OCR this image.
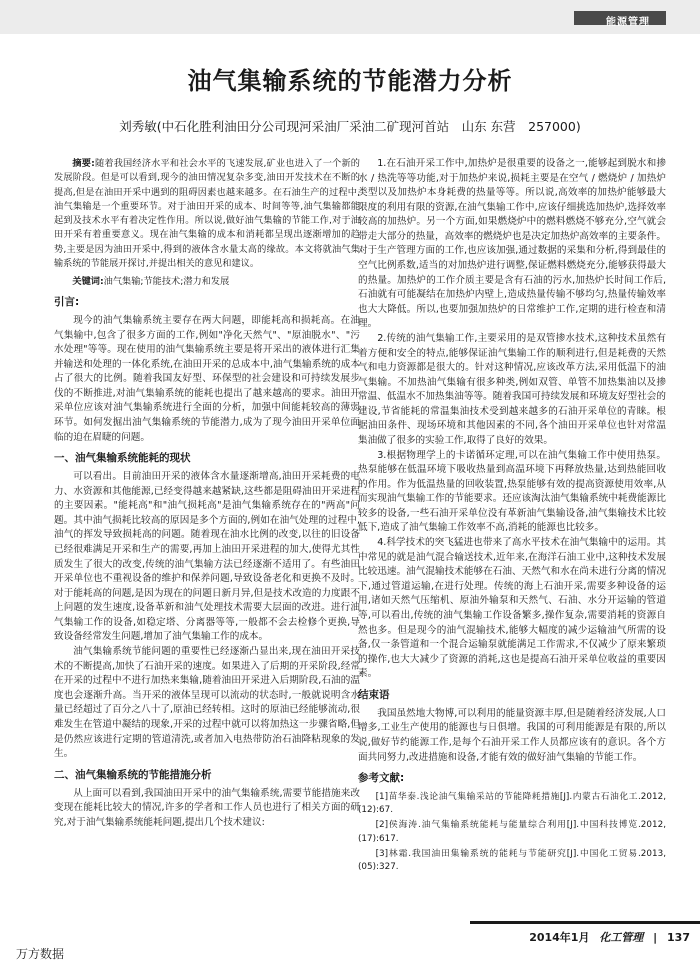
能源管理
油气集输系统的节能潜力分析
刘秀敏(中石化胜利油田分公司现河采油厂采油二矿现河首站　山东 东营　257000)

摘要:随着我国经济水平和社会水平的飞速发展,矿业也进入了一个新的发展阶段。但是可以看到,现今的油田情况复杂多变,油田开发技术在不断的提高,但是在油田开采中遇到的阻碍因素也越来越多。在石油生产的过程中,油气集输是一个重要环节。对于油田开采的成本、时间等等,油气集输都能起到及技术水平有着决定性作用。所以说,做好油气集输的节能工作,对于油田开采有着重要意义。现在油气集输的成本和消耗都呈现出逐渐增加的趋势,主要是因为油田开采中,得到的液体含水量太高的缘故。本文将就油气集输系统的节能展开探讨,并提出相关的意见和建议。

关键词:油气集输;节能技术;潜力和发展

引言:

现今的油气集输系统主要存在两大问题，即能耗高和损耗高。在油气集输中,包含了很多方面的工作,例如"净化天然气"、"原油脱水"、"污水处理"等等。现在使用的油气集输系统主要是将开采出的液体进行汇集并输送和处理的一体化系统,在油田开采的总成本中,油气集输系统的成本占了很大的比例。随着我国友好型、环保型的社会建设和可持续发展步伐的不断推进,对油气集输系统的能耗也提出了越来越高的要求。油田开采单位应该对油气集输系统进行全面的分析，加强中间能耗较高的薄弱环节。如何发掘出油气集输系统的节能潜力,成为了现今油田开采单位面临的迫在眉睫的问题。

一、油气集输系统能耗的现状

可以看出。目前油田开采的液体含水量逐渐增高,油田开采耗费的电力、水资源和其他能源,已经变得越来越紧缺,这些都是阻碍油田开采进程的主要因素。"能耗高"和"油气损耗高"是油气集输系统存在的"两高"问题。其中油气损耗比较高的原因是多个方面的,例如在油气处理的过程中,油气的挥发导致损耗高的问题。随着现在油水比例的改变,以往的旧设备已经很难满足开采和生产的需要,再加上油田开采进程的加大,使得尤其性质发生了很大的改变,传统的油气集输方法已经逐渐不适用了。有些油田开采单位也不重视设备的维护和保养问题,导致设备老化和更换不及时。对于能耗高的问题,是因为现在的问题日新月异,但是技术改造的力度跟不上问题的发生速度,设备革新和油气处理技术需要大层面的改进。进行油气集输工作的设备,如稳定塔、分离器等等,一般都不会去检修个更换,导致设备经常发生问题,增加了油气集输工作的成本。

油气集输系统节能问题的重要性已经逐渐凸显出来,现在油田开采技术的不断提高,加快了石油开采的速度。如果进入了后期的开采阶段,经常在开采的过程中不进行加热来集输,随着油田开采进入后期阶段,石油的温度也会逐渐升高。当开采的液体呈现可以流动的状态时,一般就说明含水量已经超过了百分之八十了,原油已经转相。这时的原油已经能够流动,很难发生在管道中凝结的现象,开采的过程中就可以将加热这一步骤省略,但是仍然应该进行定期的管道清洗,或者加入电热带防治石油降粘现象的发生。

二、油气集输系统的节能措施分析

从上面可以看到,我国油田开采中的油气集输系统,需要节能措施来改变现在能耗比较大的情况,许多的学者和工作人员也进行了相关方面的研究,对于油气集输系统能耗问题,提出几个技术建议:

1.在石油开采工作中,加热炉是很重要的设备之一,能够起到脱水和掺水 / 热洗等等功能,对于加热炉来说,损耗主要是在空气 / 燃烧炉 / 加热炉类型以及加热炉本身耗费的热量等等。所以说,高效率的加热炉能够最大限度的利用有限的资源,在油气集输工作中,应该仔细挑选加热炉,选择效率较高的加热炉。另一个方面,如果燃烧炉中的燃料燃烧不够充分,空气就会带走大部分的热量，高效率的燃烧炉也是决定加热炉高效率的主要条件。对于生产管理方面的工作,也应该加强,通过数据的采集和分析,得到最佳的空气比例系数,适当的对加热炉进行调整,保证燃料燃烧充分,能够获得最大的热量。加热炉的工作介质主要是含有石油的污水,加热炉长时间工作后,石油就有可能凝结在加热炉内壁上,造成热量传输不够均匀,热量传输效率也大大降低。所以,也要加强加热炉的日常维护工作,定期的进行检查和清理。

2.传统的油气集输工作,主要采用的是双管掺水技术,这种技术虽然有着方便和安全的特点,能够保证油气集输工作的顺利进行,但是耗费的天然气和电力资源都是很大的。针对这种情况,应该改革方法,采用低温下的油气集输。不加热油气集输有很多种类,例如双管、单管不加热集油以及掺常温、低温水不加热集油等等。随着我国可持续发展和环境友好型社会的建设,节省能耗的常温集油技术受到越来越多的石油开采单位的青睐。根据油田条件、现场环境和其他因素的不同,各个油田开采单位也针对常温集油做了很多的实验工作,取得了良好的效果。

3.根据物理学上的卡诺循环定理,可以在油气集输工作中使用热泵。热泵能够在低温环境下吸收热量到高温环境下再释放热量,达到热能回收的作用。作为低温热量的回收装置,热泵能够有效的提高资源使用效率,从而实现油气集输工作的节能要求。还应该淘汰油气集输系统中耗费能源比较多的设备,一些石油开采单位没有革新油气集输设备,油气集输技术比较低下,造成了油气集输工作效率不高,消耗的能源也比较多。

4.科学技术的突飞猛进也带来了高水平技术在油气集输中的运用。其中常见的就是油气混合输送技术,近年来,在海洋石油工业中,这种技术发展比较迅速。油气混输技术能够在石油、天然气和水在尚未进行分离的情况下,通过管道运输,在进行处理。传统的海上石油开采,需要多种设备的运用,诸如天然气压缩机、原油外输泵和天然气、石油、水分开运输的管道等,可以看出,传统的油气集输工作设备繁多,操作复杂,需要消耗的资源自然也多。但是现今的油气混输技术,能够大幅度的减少运输油气所需的设备,仅一条管道和一个混合运输泵就能满足工作需求,不仅减少了原来繁琐的操作,也大大减少了资源的消耗,这也是提高石油开采单位收益的重要因素。

结束语

我国虽然地大物博,可以利用的能量资源丰厚,但是随着经济发展,人口增多,工业生产使用的能源也与日俱增。我国的可利用能源是有限的,所以说,做好节约能源工作,是每个石油开采工作人员都应该有的意识。各个方面共同努力,改进措施和设备,才能有效的做好油气集输的节能工作。

参考文献:

[1]苗华泰.浅论油气集输采站的节能降耗措施[J].内蒙古石油化工.2012,(12):67.

[2]侯海涛.油气集输系统能耗与能量综合利用[J].中国科技博览.2012,(17):617.

[3]林霜.我国油田集输系统的能耗与节能研究[J].中国化工贸易.2013,(05):327.

2014年1月 化工管理 | 137
万方数据
